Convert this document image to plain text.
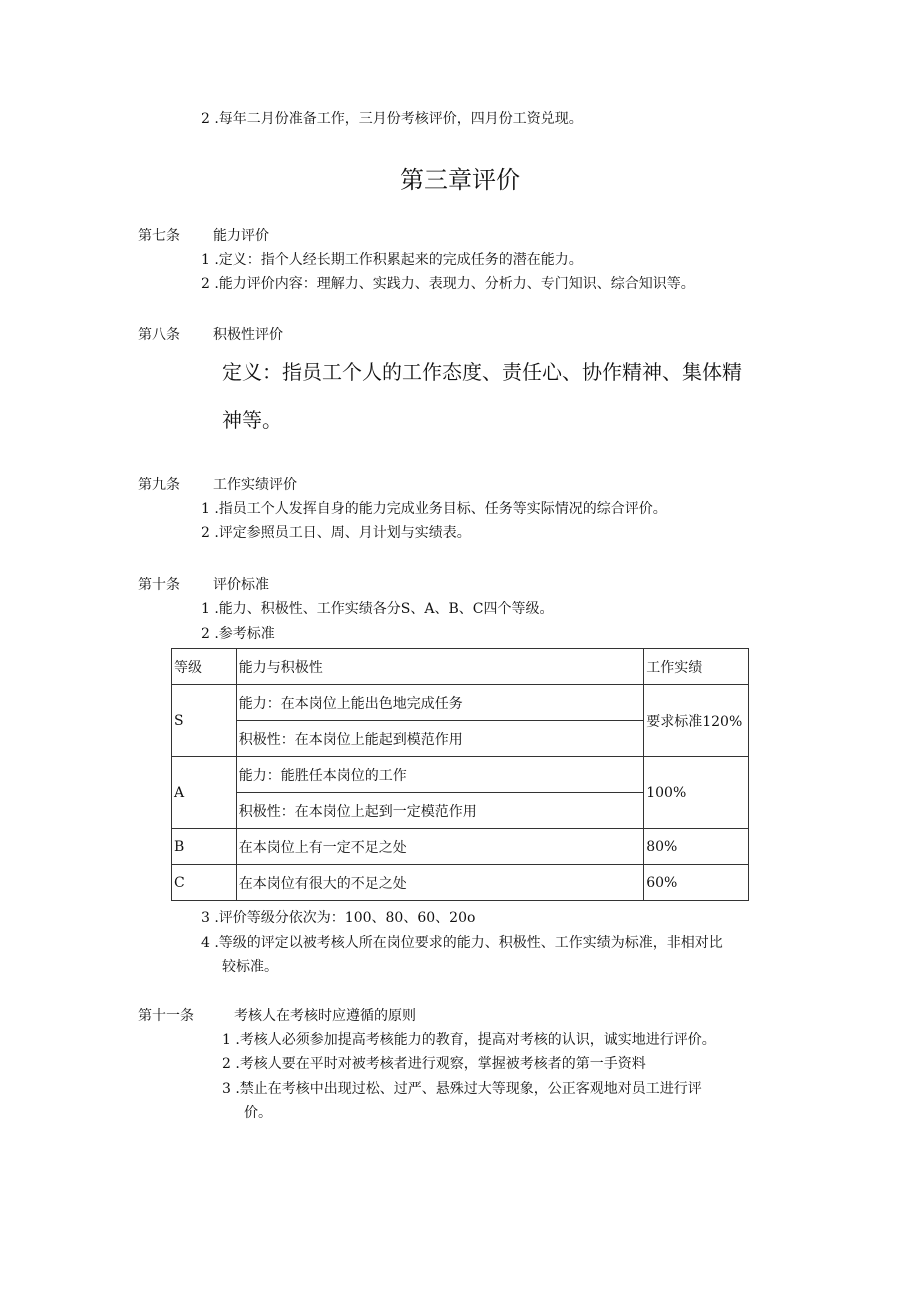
2 .每年二月份准备工作，三月份考核评价，四月份工资兑现。
第三章评价
第七条 能力评价
1 .定义：指个人经长期工作积累起来的完成任务的潜在能力。
2 .能力评价内容：理解力、实践力、表现力、分析力、专门知识、综合知识等。
第八条 积极性评价
定义：指员工个人的工作态度、责任心、协作精神、集体精
神等。
第九条 工作实绩评价
1 .指员工个人发挥自身的能力完成业务目标、任务等实际情况的综合评价。
2 .评定参照员工日、周、月计划与实绩表。
第十条 评价标准
1 .能力、积极性、工作实绩各分S、A、B、C四个等级。
2 .参考标准
等级	能力与积极性	工作实绩
S	能力：在本岗位上能出色地完成任务	要求标准120%
	积极性：在本岗位上能起到模范作用	
A	能力：能胜任本岗位的工作	100%
	积极性：在本岗位上起到一定模范作用	
B	在本岗位上有一定不足之处	80%
C	在本岗位有很大的不足之处	60%
3 .评价等级分依次为：100、80、60、20o
4 .等级的评定以被考核人所在岗位要求的能力、积极性、工作实绩为标准，非相对比
较标准。
第十一条	考核人在考核时应遵循的原则
1 .考核人必须参加提高考核能力的教育，提高对考核的认识，诚实地进行评价。
2 .考核人要在平时对被考核者进行观察，掌握被考核者的第一手资料
3 .禁止在考核中出现过松、过严、悬殊过大等现象，公正客观地对员工进行评
价。
